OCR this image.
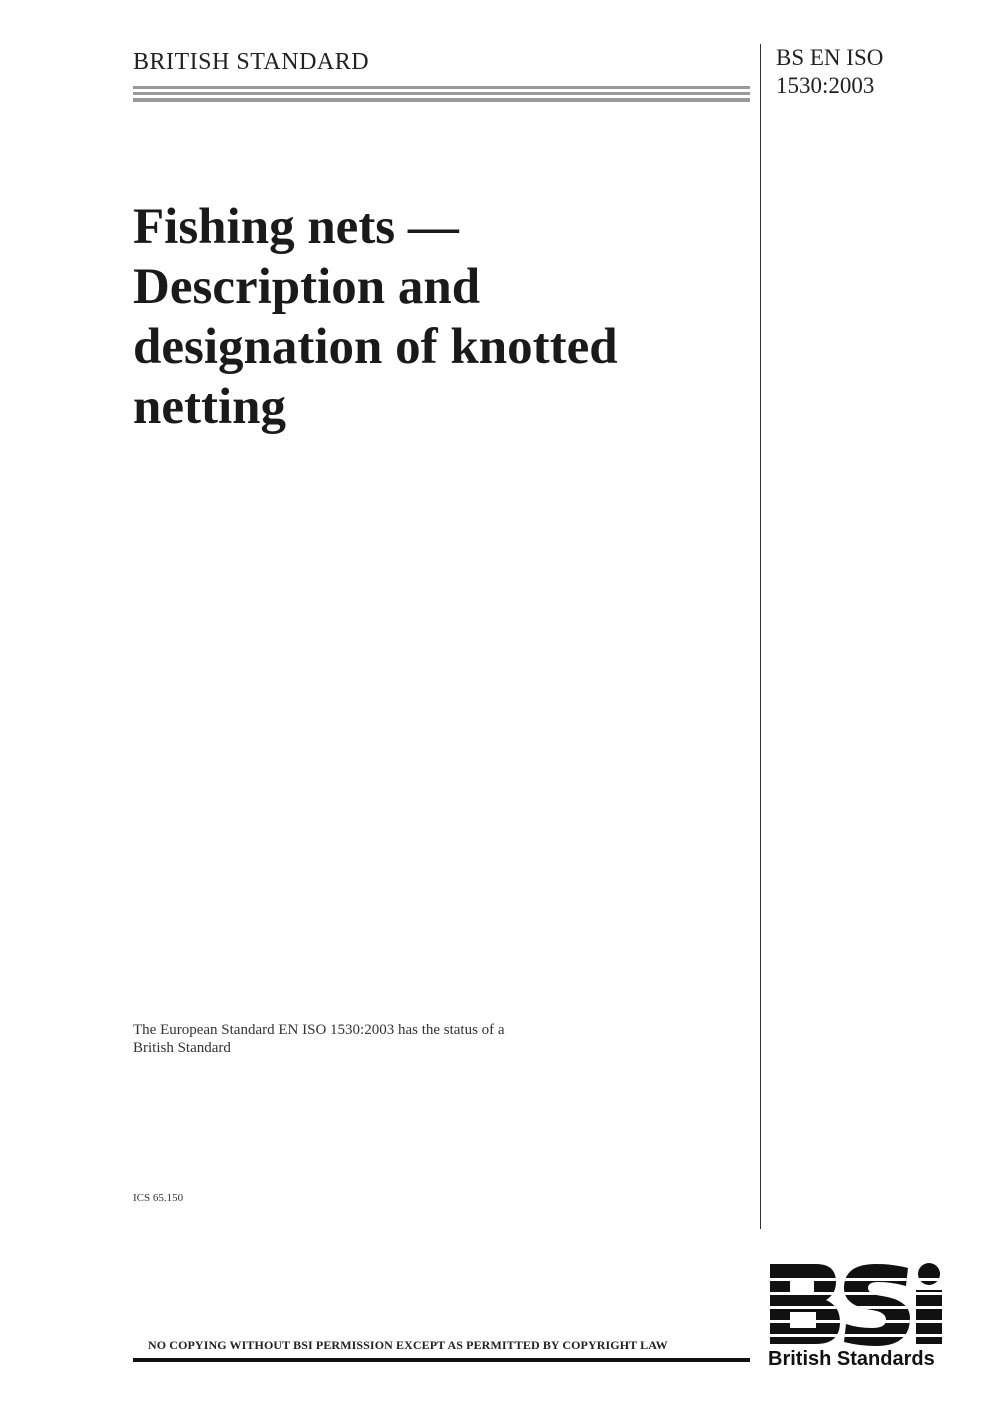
BRITISH STANDARD	BS EN ISO
1530:2003
Fishing nets —
Description and
designation of knotted
netting
The European Standard EN ISO 1530:2003 has the status of a
British Standard
ICS 65.150
British Standards
NO COPYING WITHOUT BSI PERMISSION EXCEPT AS PERMITTED BY COPYRIGHT LAW
